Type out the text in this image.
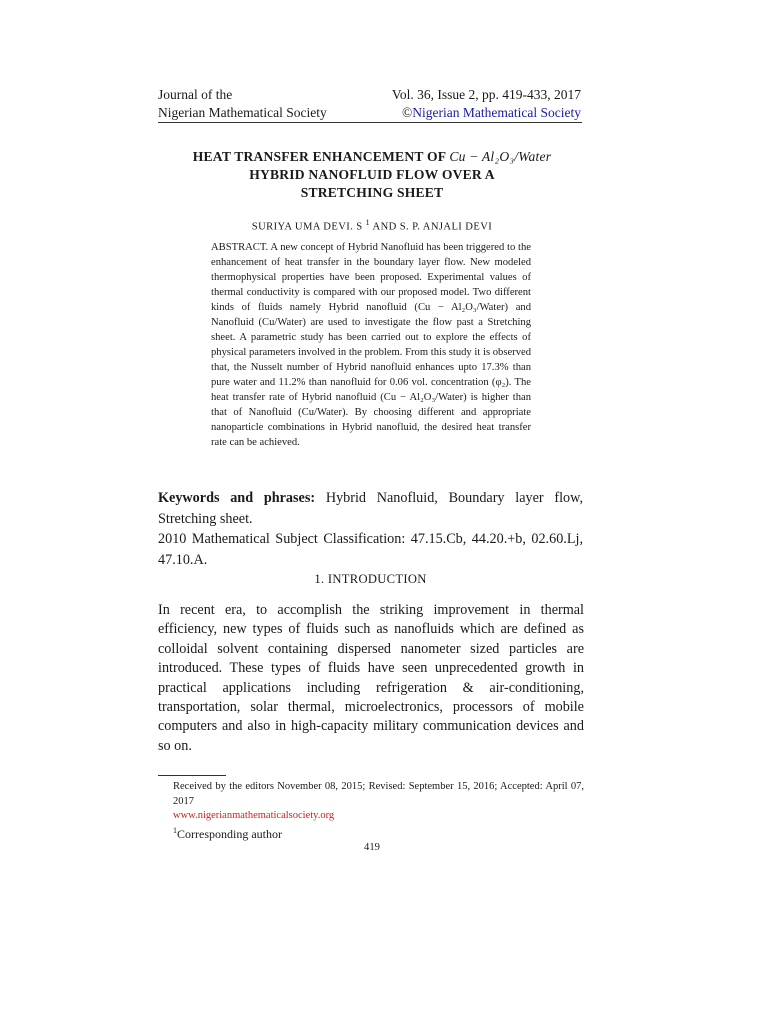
Journal of the
Nigerian Mathematical Society
Vol. 36, Issue 2, pp. 419-433, 2017
©Nigerian Mathematical Society
HEAT TRANSFER ENHANCEMENT OF Cu − Al₂O₃/Water
HYBRID NANOFLUID FLOW OVER A
STRETCHING SHEET
SURIYA UMA DEVI. S $^1$ AND S. P. ANJALI DEVI
ABSTRACT. A new concept of Hybrid Nanofluid has been triggered to the enhancement of heat transfer in the boundary layer flow. New modeled thermophysical properties have been proposed. Experimental values of thermal conductivity is compared with our proposed model. Two different kinds of fluids namely Hybrid nanofluid (Cu − Al₂O₃/Water) and Nanofluid (Cu/Water) are used to investigate the flow past a Stretching sheet. A parametric study has been carried out to explore the effects of physical parameters involved in the problem. From this study it is observed that, the Nusselt number of Hybrid nanofluid enhances upto 17.3% than pure water and 11.2% than nanofluid for 0.06 vol. concentration (φ₂). The heat transfer rate of Hybrid nanofluid (Cu − Al₂O₃/Water) is higher than that of Nanofluid (Cu/Water). By choosing different and appropriate nanoparticle combinations in Hybrid nanofluid, the desired heat transfer rate can be achieved.
Keywords and phrases: Hybrid Nanofluid, Boundary layer flow, Stretching sheet.
2010 Mathematical Subject Classification: 47.15.Cb, 44.20.+b, 02.60.Lj, 47.10.A.
1. INTRODUCTION
In recent era, to accomplish the striking improvement in thermal efficiency, new types of fluids such as nanofluids which are defined as colloidal solvent containing dispersed nanometer sized particles are introduced. These types of fluids have seen unprecedented growth in practical applications including refrigeration & air-conditioning, transportation, solar thermal, microelectronics, processors of mobile computers and also in high-capacity military communication devices and so on.
Received by the editors November 08, 2015; Revised: September 15, 2016; Accepted: April 07, 2017
www.nigerianmathematicalsociety.org
$^1$Corresponding author
419
